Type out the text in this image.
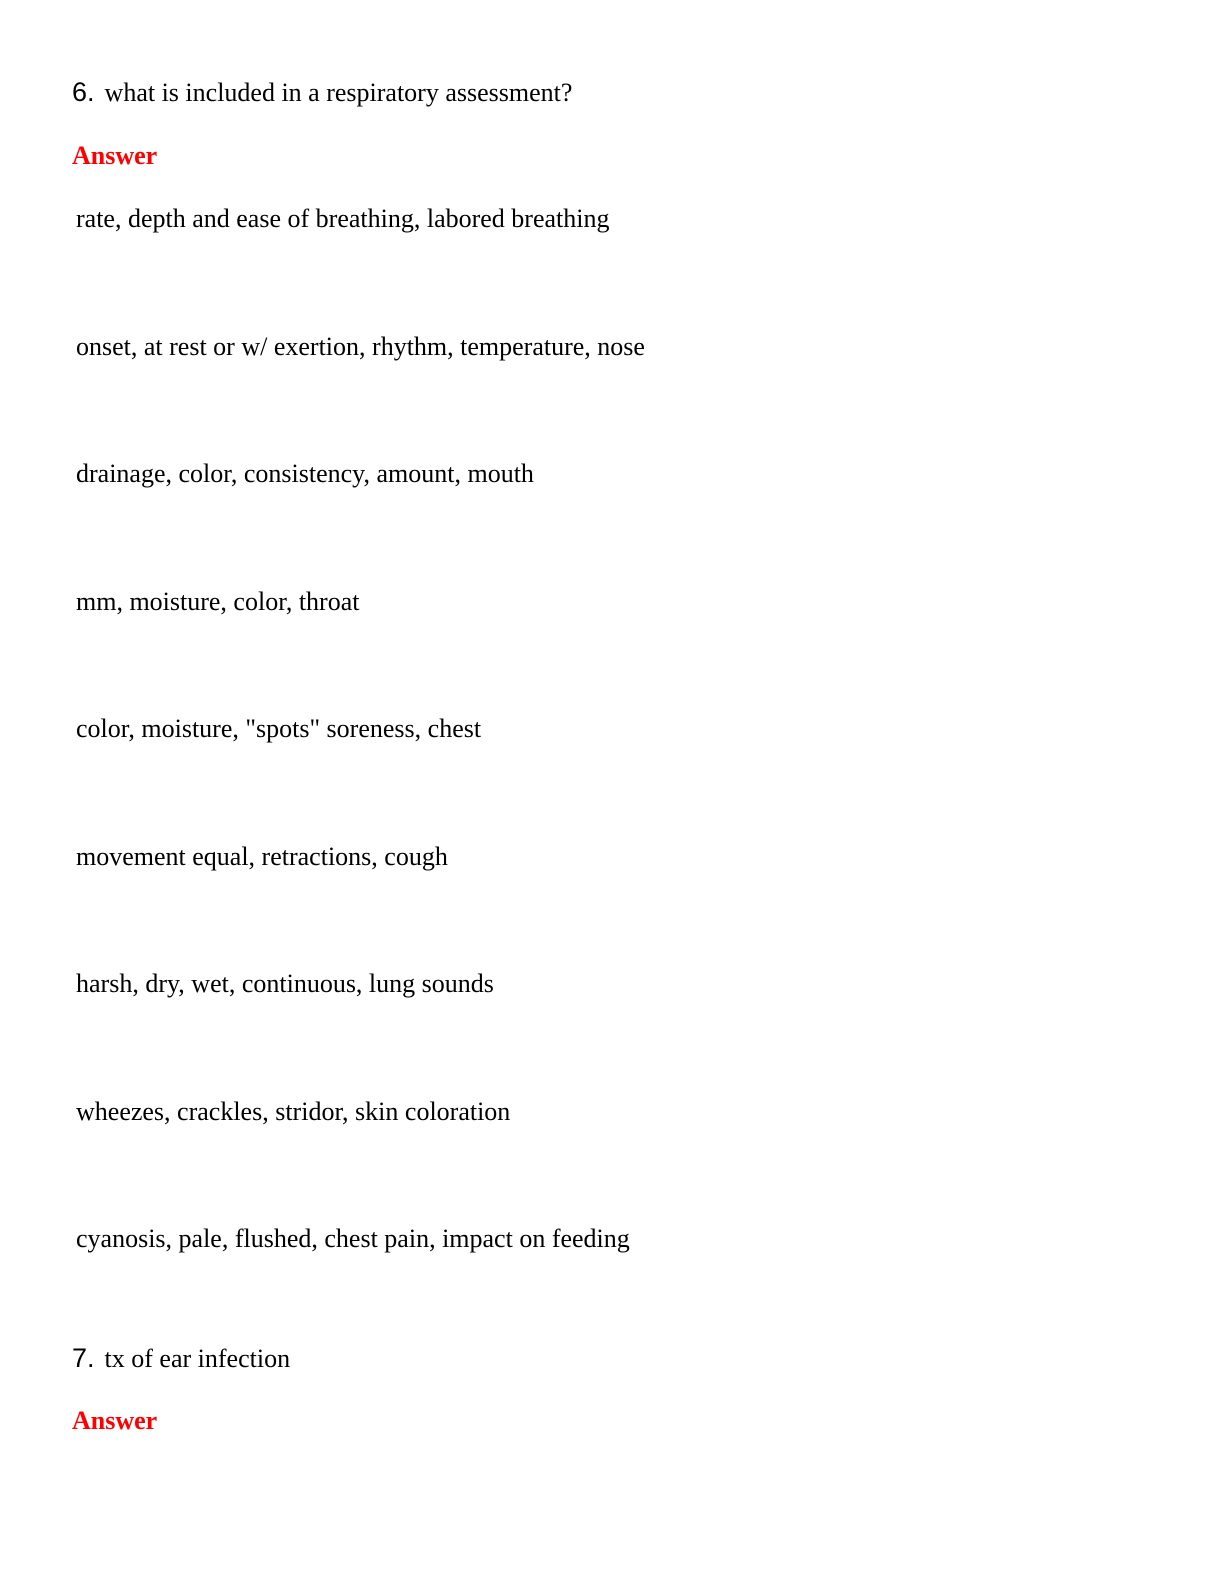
6. what is included in a respiratory assessment?
Answer
rate, depth and ease of breathing, labored breathing
onset, at rest or w/ exertion, rhythm, temperature, nose
drainage, color, consistency, amount, mouth
mm, moisture, color, throat
color, moisture, "spots" soreness, chest
movement equal, retractions, cough
harsh, dry, wet, continuous, lung sounds
wheezes, crackles, stridor, skin coloration
cyanosis, pale, flushed, chest pain, impact on feeding
7. tx of ear infection
Answer
